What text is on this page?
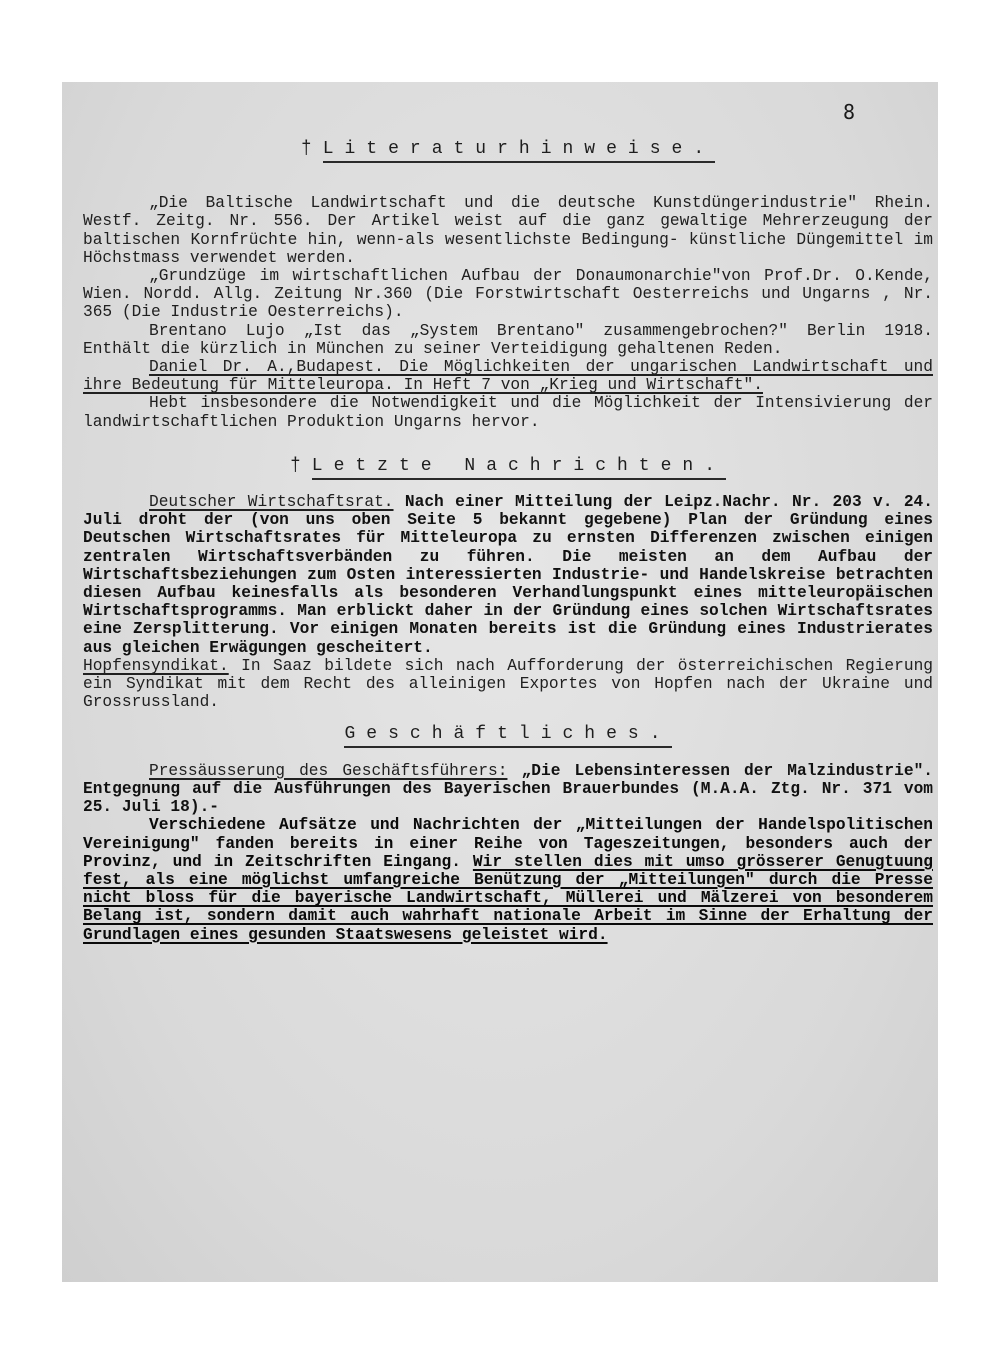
8
†Literaturhinweise.

„Die Baltische Landwirtschaft und die deutsche Kunstdüngerindustrie" Rhein. Westf. Zeitg. Nr. 556. Der Artikel weist auf die ganz gewaltige Mehrerzeugung der baltischen Kornfrüchte hin, wenn-als wesentlichste Bedingung- künstliche Düngemittel im Höchstmass verwendet werden.

„Grundzüge im wirtschaftlichen Aufbau der Donaumonarchie"von Prof.Dr. O.Kende, Wien. Nordd. Allg. Zeitung Nr.360 (Die Forstwirtschaft Oesterreichs und Ungarns , Nr. 365 (Die Industrie Oesterreichs).

Brentano Lujo „Ist das „System Brentano" zusammengebrochen?" Berlin 1918. Enthält die kürzlich in München zu seiner Verteidigung gehaltenen Reden.

Daniel Dr. A.,Budapest. Die Möglichkeiten der ungarischen Landwirtschaft und ihre Bedeutung für Mitteleuropa. In Heft 7 von „Krieg und Wirtschaft".

Hebt insbesondere die Notwendigkeit und die Möglichkeit der Intensivierung der landwirtschaftlichen Produktion Ungarns hervor.

†Letzte Nachrichten.

Deutscher Wirtschaftsrat. Nach einer Mitteilung der Leipz.Nachr. Nr. 203 v. 24. Juli droht der (von uns oben Seite 5 bekannt gegebene) Plan der Gründung eines Deutschen Wirtschaftsrates für Mitteleuropa zu ernsten Differenzen zwischen einigen zentralen Wirtschaftsverbänden zu führen. Die meisten an dem Aufbau der Wirtschaftsbeziehungen zum Osten interessierten Industrie- und Handelskreise betrachten diesen Aufbau keinesfalls als besonderen Verhandlungspunkt eines mitteleuropäischen Wirtschaftsprogramms. Man erblickt daher in der Gründung eines solchen Wirtschaftsrates eine Zersplitterung. Vor einigen Monaten bereits ist die Gründung eines Industrierates aus gleichen Erwägungen gescheitert.

Hopfensyndikat. In Saaz bildete sich nach Aufforderung der österreichischen Regierung ein Syndikat mit dem Recht des alleinigen Exportes von Hopfen nach der Ukraine und Grossrussland.

Geschäftliches.

Pressäusserung des Geschäftsführers: „Die Lebensinteressen der Malzindustrie". Entgegnung auf die Ausführungen des Bayerischen Brauerbundes (M.A.A. Ztg. Nr. 371 vom 25. Juli 18).-

Verschiedene Aufsätze und Nachrichten der „Mitteilungen der Handelspolitischen Vereinigung" fanden bereits in einer Reihe von Tageszeitungen, besonders auch der Provinz, und in Zeitschriften Eingang. Wir stellen dies mit umso grösserer Genugtuung fest, als eine möglichst umfangreiche Benützung der „Mitteilungen" durch die Presse nicht bloss für die bayerische Landwirtschaft, Müllerei und Mälzerei von besonderem Belang ist, sondern damit auch wahrhaft nationale Arbeit im Sinne der Erhaltung der Grundlagen eines gesunden Staatswesens geleistet wird.
